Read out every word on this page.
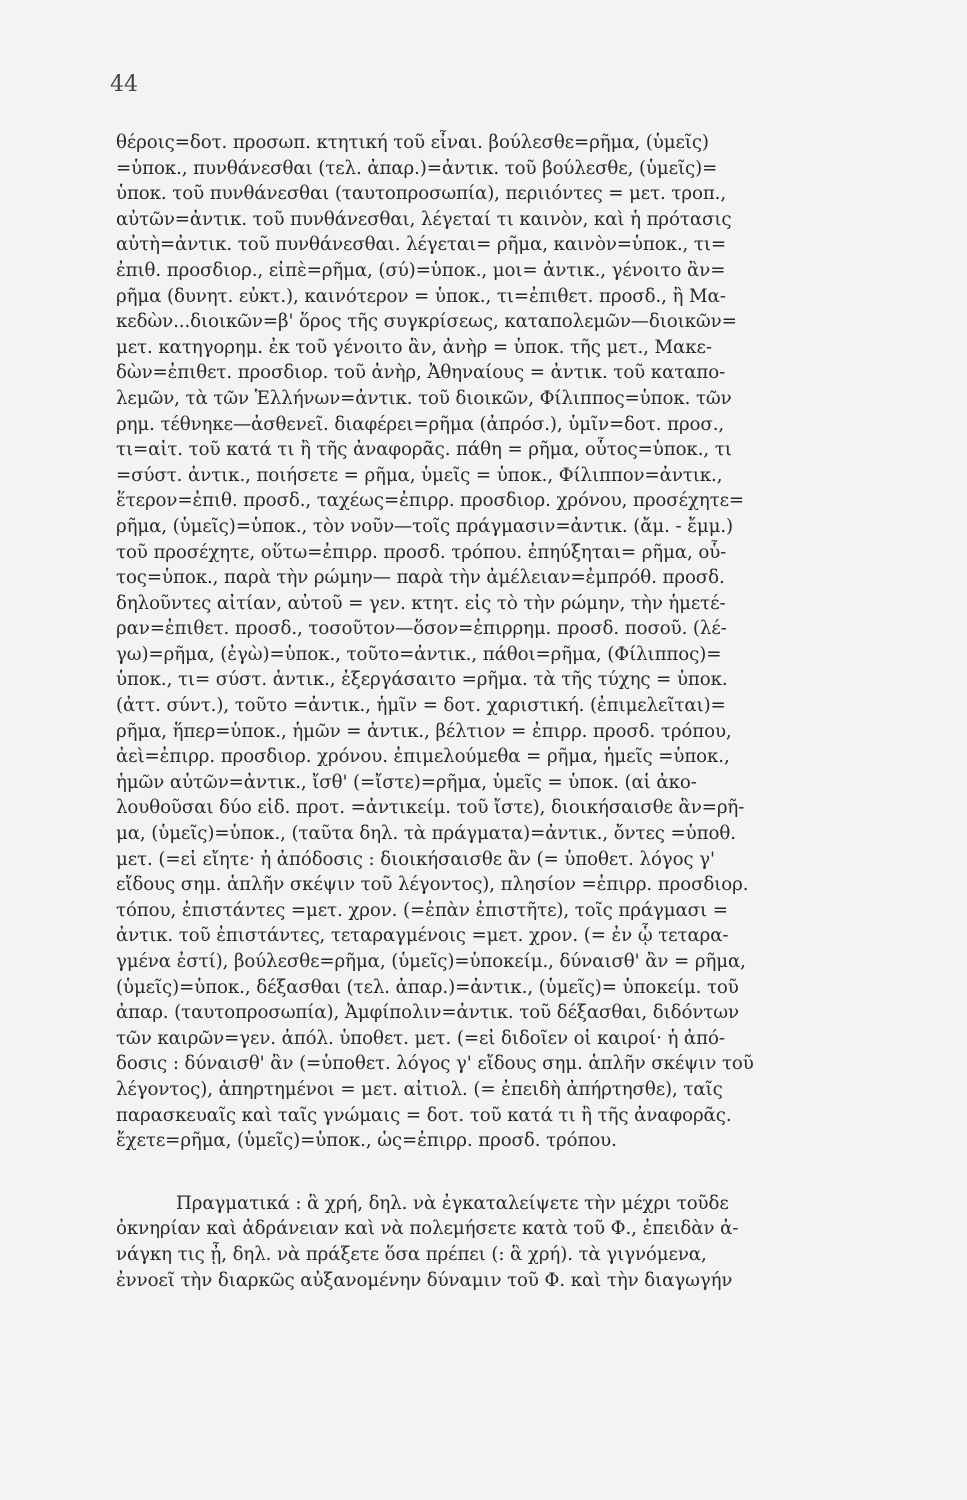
44
θέροις=δοτ. προσωπ. κτητική τοῦ εἶναι. βούλεσθε=ρῆμα, (ὑμεῖς)
=ὑποκ., πυνθάνεσθαι (τελ. ἀπαρ.)=ἀντικ. τοῦ βούλεσθε, (ὑμεῖς)=
ὑποκ. τοῦ πυνθάνεσθαι (ταυτοπροσωπία), περιιόντες = μετ. τροπ.,
αὐτῶν=ἀντικ. τοῦ πυνθάνεσθαι, λέγεταί τι καινὸν, καὶ ἡ πρότασις
αὐτὴ=ἀντικ. τοῦ πυνθάνεσθαι. λέγεται= ρῆμα, καινὸν=ὑποκ., τι=
ἐπιθ. προσδιορ., εἰπὲ=ρῆμα, (σύ)=ὑποκ., μοι= ἀντικ., γένοιτο ἂν=
ρῆμα (δυνητ. εὐκτ.), καινότερον = ὑποκ., τι=ἐπιθετ. προσδ., ἢ Μα-
κεδὼν...διοικῶν=β' ὅρος τῆς συγκρίσεως, καταπολεμῶν—διοικῶν=
μετ. κατηγορημ. ἐκ τοῦ γένοιτο ἂν, ἀνὴρ = ὑποκ. τῆς μετ., Μακε-
δὼν=ἐπιθετ. προσδιορ. τοῦ ἀνὴρ, Ἀθηναίους = ἀντικ. τοῦ καταπο-
λεμῶν, τὰ τῶν Ἑλλήνων=ἀντικ. τοῦ διοικῶν, Φίλιππος=ὑποκ. τῶν
ρημ. τέθνηκε—ἀσθενεῖ. διαφέρει=ρῆμα (ἀπρόσ.), ὑμῖν=δοτ. προσ.,
τι=αἰτ. τοῦ κατά τι ἢ τῆς ἀναφορᾶς. πάθη = ρῆμα, οὗτος=ὑποκ., τι
=σύστ. ἀντικ., ποιήσετε = ρῆμα, ὑμεῖς = ὑποκ., Φίλιππον=ἀντικ.,
ἕτερον=ἐπιθ. προσδ., ταχέως=ἐπιρρ. προσδιορ. χρόνου, προσέχητε=
ρῆμα, (ὑμεῖς)=ὑποκ., τὸν νοῦν—τοῖς πράγμασιν=ἀντικ. (ἄμ. - ἔμμ.)
τοῦ προσέχητε, οὕτω=ἐπιρρ. προσδ. τρόπου. ἐπηύξηται= ρῆμα, οὗ-
τος=ὑποκ., παρὰ τὴν ρώμην— παρὰ τὴν ἀμέλειαν=ἐμπρόθ. προσδ.
δηλοῦντες αἰτίαν, αὐτοῦ = γεν. κτητ. εἰς τὸ τὴν ρώμην, τὴν ἡμετέ-
ραν=ἐπιθετ. προσδ., τοσοῦτον—ὅσον=ἐπιρρημ. προσδ. ποσοῦ. (λέ-
γω)=ρῆμα, (ἐγὼ)=ὑποκ., τοῦτο=ἀντικ., πάθοι=ρῆμα, (Φίλιππος)=
ὑποκ., τι= σύστ. ἀντικ., ἐξεργάσαιτο =ρῆμα. τὰ τῆς τύχης = ὑποκ.
(ἀττ. σύντ.), τοῦτο =ἀντικ., ἡμῖν = δοτ. χαριστική. (ἐπιμελεῖται)=
ρῆμα, ἥπερ=ὑποκ., ἡμῶν = ἀντικ., βέλτιον = ἐπιρρ. προσδ. τρόπου,
ἀεὶ=ἐπιρρ. προσδιορ. χρόνου. ἐπιμελούμεθα = ρῆμα, ἡμεῖς =ὑποκ.,
ἡμῶν αὐτῶν=ἀντικ., ἴσθ' (=ἴστε)=ρῆμα, ὑμεῖς = ὑποκ. (αἱ ἀκο-
λουθοῦσαι δύο εἰδ. προτ. =ἀντικείμ. τοῦ ἴστε), διοικήσαισθε ἂν=ρῆ-
μα, (ὑμεῖς)=ὑποκ., (ταῦτα δηλ. τὰ πράγματα)=ἀντικ., ὄντες =ὑποθ.
μετ. (=εἰ εἴητε· ἡ ἀπόδοσις : διοικήσαισθε ἂν (= ὑποθετ. λόγος γ'
εἴδους σημ. ἁπλῆν σκέψιν τοῦ λέγοντος), πλησίον =ἐπιρρ. προσδιορ.
τόπου, ἐπιστάντες =μετ. χρον. (=ἐπὰν ἐπιστῆτε), τοῖς πράγμασι =
ἀντικ. τοῦ ἐπιστάντες, τεταραγμένοις =μετ. χρον. (= ἐν ᾧ τεταρα-
γμένα ἐστί), βούλεσθε=ρῆμα, (ὑμεῖς)=ὑποκείμ., δύναισθ' ἂν = ρῆμα,
(ὑμεῖς)=ὑποκ., δέξασθαι (τελ. ἀπαρ.)=ἀντικ., (ὑμεῖς)= ὑποκείμ. τοῦ
ἀπαρ. (ταυτοπροσωπία), Ἀμφίπολιν=ἀντικ. τοῦ δέξασθαι, διδόντων
τῶν καιρῶν=γεν. ἀπόλ. ὑποθετ. μετ. (=εἰ διδοῖεν οἱ καιροί· ἡ ἀπό-
δοσις : δύναισθ' ἂν (=ὑποθετ. λόγος γ' εἴδους σημ. ἁπλῆν σκέψιν τοῦ
λέγοντος), ἀπηρτημένοι = μετ. αἰτιολ. (= ἐπειδὴ ἀπήρτησθε), ταῖς
παρασκευαῖς καὶ ταῖς γνώμαις = δοτ. τοῦ κατά τι ἢ τῆς ἀναφορᾶς.
ἔχετε=ρῆμα, (ὑμεῖς)=ὑποκ., ὡς=ἐπιρρ. προσδ. τρόπου.
Πραγματικά : ἃ χρή, δηλ. νὰ ἐγκαταλείψετε τὴν μέχρι τοῦδε
ὀκνηρίαν καὶ ἀδράνειαν καὶ νὰ πολεμήσετε κατὰ τοῦ Φ., ἐπειδὰν ἀ-
νάγκη τις ᾖ, δηλ. νὰ πράξετε ὅσα πρέπει (: ἃ χρή). τὰ γιγνόμενα,
ἐννοεῖ τὴν διαρκῶς αὐξανομένην δύναμιν τοῦ Φ. καὶ τὴν διαγωγήν
